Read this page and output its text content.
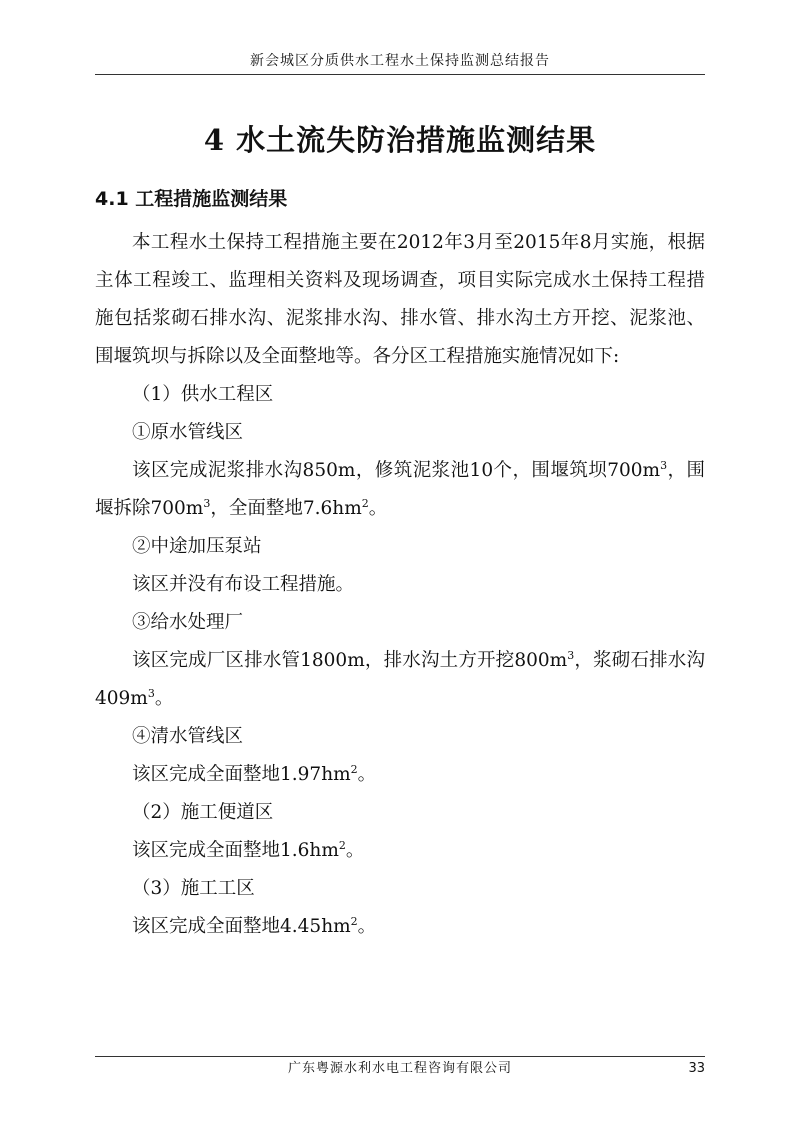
新会城区分质供水工程水土保持监测总结报告
4 水土流失防治措施监测结果
4.1 工程措施监测结果

本工程水土保持工程措施主要在2012年3月至2015年8月实施，根据主体工程竣工、监理相关资料及现场调查，项目实际完成水土保持工程措施包括浆砌石排水沟、泥浆排水沟、排水管、排水沟土方开挖、泥浆池、围堰筑坝与拆除以及全面整地等。各分区工程措施实施情况如下:

（1）供水工程区

①原水管线区

该区完成泥浆排水沟850m，修筑泥浆池10个，围堰筑坝$700m^3$，围堰拆除$700m^3$，全面整地$7.6hm^2$。

②中途加压泵站

该区并没有布设工程措施。

③给水处理厂

该区完成厂区排水管1800m，排水沟土方开挖$800m^3$，浆砌石排水沟$409m^3$。

④清水管线区

该区完成全面整地$1.97hm^2$。

（2）施工便道区

该区完成全面整地$1.6hm^2$。

（3）施工工区

该区完成全面整地$4.45hm^2$。

广东粤源水利水电工程咨询有限公司	33
